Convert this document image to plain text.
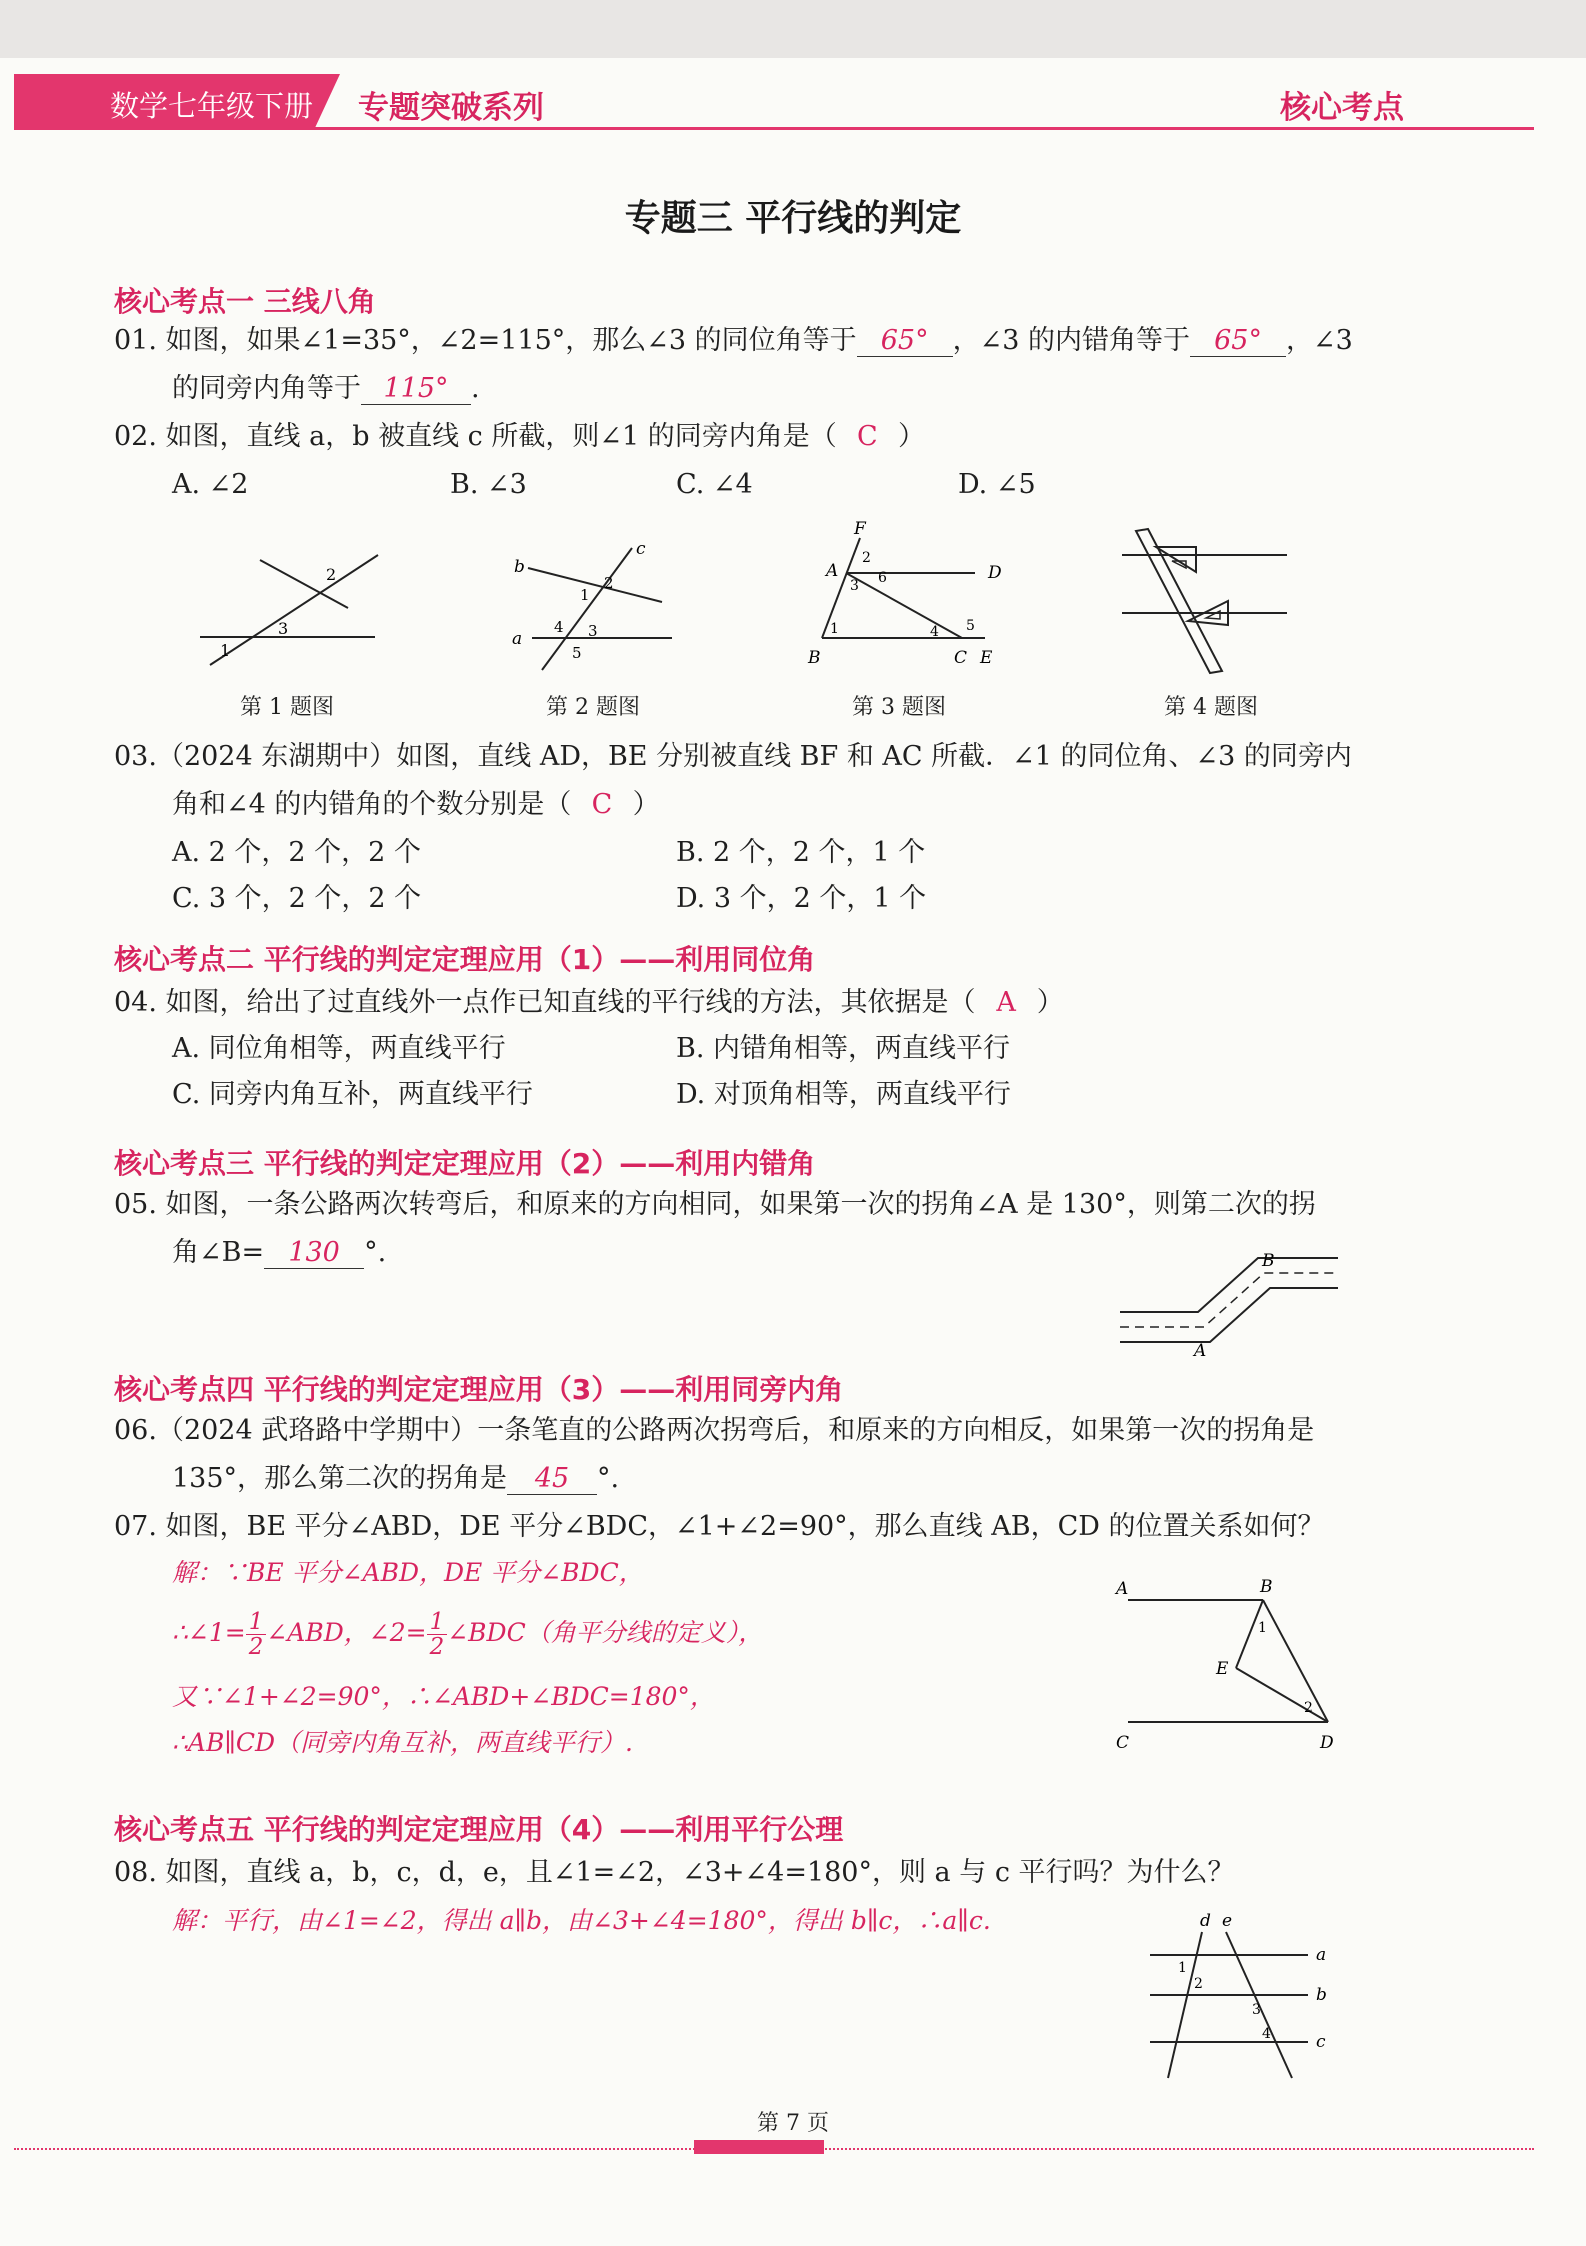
数学七年级下册 专题突破系列	核心考点
专题三 平行线的判定
核心考点一 三线八角
01. 如图，如果∠1=35°，∠2=115°，那么∠3 的同位角等于 65° ，∠3 的内错角等于 65° ，∠3
的同旁内角等于 115° .
02. 如图，直线 a，b 被直线 c 所截，则∠1 的同旁内角是（ C ）
A. ∠2	B. ∠3	C. ∠4	D. ∠5
2
3
1
第 1 题图
b
a
c
1
2
3
4
5
第 2 题图
F
A	D
B	C E
1
2
3
4 5
6
第 3 题图	第 4 题图
03.（2024 东湖期中）如图，直线 AD，BE 分别被直线 BF 和 AC 所截．∠1 的同位角、∠3 的同旁内
角和∠4 的内错角的个数分别是（ C ）
A. 2 个，2 个，2 个	B. 2 个，2 个，1 个
C. 3 个，2 个，2 个	D. 3 个，2 个，1 个
核心考点二 平行线的判定定理应用（1）——利用同位角
04. 如图，给出了过直线外一点作已知直线的平行线的方法，其依据是（ A ）
A. 同位角相等，两直线平行	B. 内错角相等，两直线平行
C. 同旁内角互补，两直线平行	D. 对顶角相等，两直线平行
核心考点三 平行线的判定定理应用（2）——利用内错角
05. 如图，一条公路两次转弯后，和原来的方向相同，如果第一次的拐角∠A 是 130°，则第二次的拐
角∠B= 130 °.
A
B
核心考点四 平行线的判定定理应用（3）——利用同旁内角
06.（2024 武珞路中学期中）一条笔直的公路两次拐弯后，和原来的方向相反，如果第一次的拐角是
135°，那么第二次的拐角是 45 °.
07. 如图，BE 平分∠ABD，DE 平分∠BDC，∠1+∠2=90°，那么直线 AB，CD 的位置关系如何？
解：∵BE 平分∠ABD，DE 平分∠BDC，
∴∠1= $\frac{1}{2}$ ∠ABD，∠2= $\frac{1}{2}$ ∠BDC（角平分线的定义），
又∵∠1+∠2=90°，∴∠ABD+∠BDC=180°，
∴AB∥CD（同旁内角互补，两直线平行）.
A	B
C	D
E
1
2
核心考点五 平行线的判定定理应用（4）——利用平行公理
08. 如图，直线 a，b，c，d，e，且∠1=∠2，∠3+∠4=180°，则 a 与 c 平行吗？为什么？
解：平行，由∠1=∠2，得出 a∥b，由∠3+∠4=180°，得出 b∥c，∴a∥c.	d e
a
b
c
1
2
3
4
第 7 页
